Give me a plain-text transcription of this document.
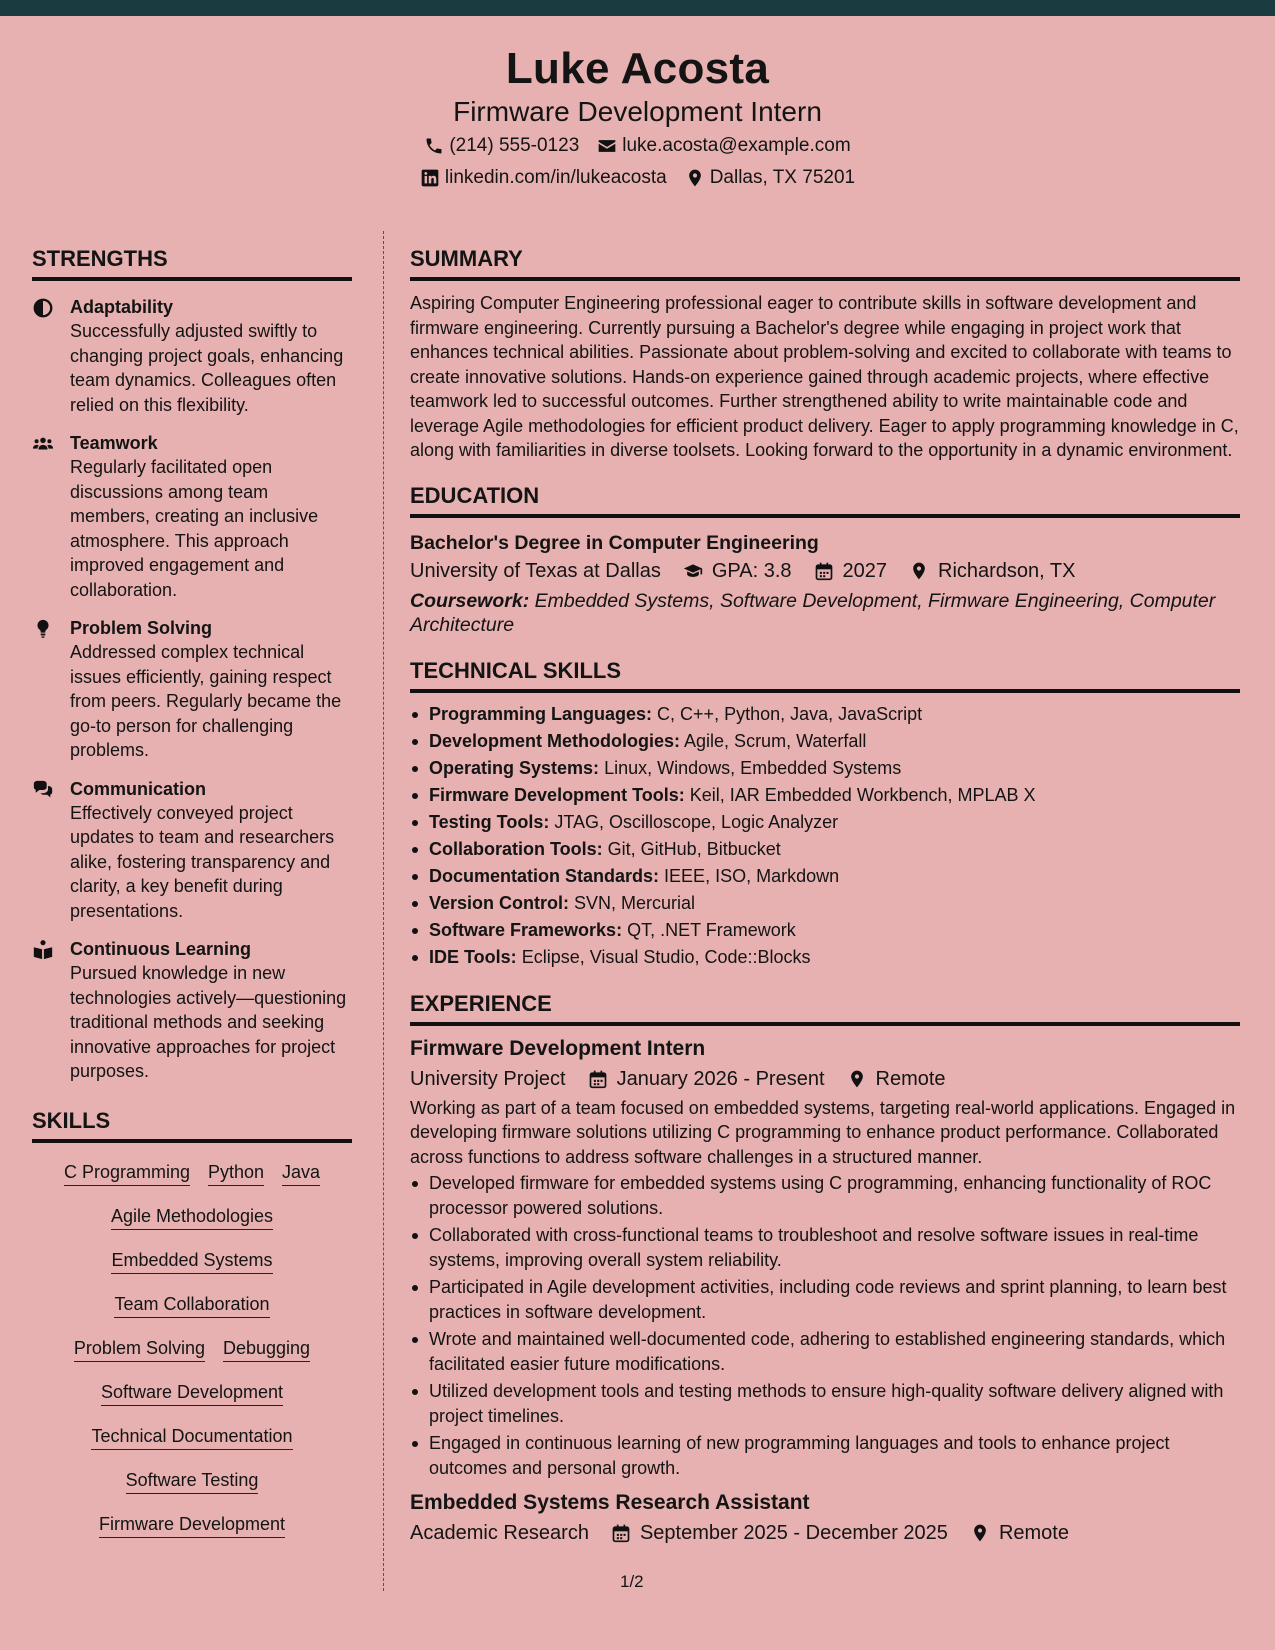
Luke Acosta
Firmware Development Intern
(214) 555-0123 luke.acosta@example.com
linkedin.com/in/lukeacosta Dallas, TX 75201
STRENGTHS
Adaptability
Successfully adjusted swiftly to changing project goals, enhancing team dynamics. Colleagues often relied on this flexibility.
Teamwork
Regularly facilitated open discussions among team members, creating an inclusive atmosphere. This approach improved engagement and collaboration.
Problem Solving
Addressed complex technical issues efficiently, gaining respect from peers. Regularly became the go-to person for challenging problems.
Communication
Effectively conveyed project updates to team and researchers alike, fostering transparency and clarity, a key benefit during presentations.
Continuous Learning
Pursued knowledge in new technologies actively—questioning traditional methods and seeking innovative approaches for project purposes.
SKILLS
C Programming Python Java
Agile Methodologies
Embedded Systems
Team Collaboration
Problem Solving Debugging
Software Development
Technical Documentation
Software Testing
Firmware Development
SUMMARY
Aspiring Computer Engineering professional eager to contribute skills in software development and firmware engineering. Currently pursuing a Bachelor's degree while engaging in project work that enhances technical abilities. Passionate about problem-solving and excited to collaborate with teams to create innovative solutions. Hands-on experience gained through academic projects, where effective teamwork led to successful outcomes. Further strengthened ability to write maintainable code and leverage Agile methodologies for efficient product delivery. Eager to apply programming knowledge in C, along with familiarities in diverse toolsets. Looking forward to the opportunity in a dynamic environment.
EDUCATION
Bachelor's Degree in Computer Engineering
University of Texas at Dallas	GPA: 3.8	2027	Richardson, TX
Coursework: Embedded Systems, Software Development, Firmware Engineering, Computer Architecture
TECHNICAL SKILLS
Programming Languages: C, C++, Python, Java, JavaScript
Development Methodologies: Agile, Scrum, Waterfall
Operating Systems: Linux, Windows, Embedded Systems
Firmware Development Tools: Keil, IAR Embedded Workbench, MPLAB X
Testing Tools: JTAG, Oscilloscope, Logic Analyzer
Collaboration Tools: Git, GitHub, Bitbucket
Documentation Standards: IEEE, ISO, Markdown
Version Control: SVN, Mercurial
Software Frameworks: QT, .NET Framework
IDE Tools: Eclipse, Visual Studio, Code::Blocks
EXPERIENCE
Firmware Development Intern
University Project	January 2026 - Present	Remote
Working as part of a team focused on embedded systems, targeting real-world applications. Engaged in developing firmware solutions utilizing C programming to enhance product performance. Collaborated across functions to address software challenges in a structured manner.
Developed firmware for embedded systems using C programming, enhancing functionality of ROC processor powered solutions.
Collaborated with cross-functional teams to troubleshoot and resolve software issues in real-time systems, improving overall system reliability.
Participated in Agile development activities, including code reviews and sprint planning, to learn best practices in software development.
Wrote and maintained well-documented code, adhering to established engineering standards, which facilitated easier future modifications.
Utilized development tools and testing methods to ensure high-quality software delivery aligned with project timelines.
Engaged in continuous learning of new programming languages and tools to enhance project outcomes and personal growth.
Embedded Systems Research Assistant
Academic Research	September 2025 - December 2025	Remote
1/2
